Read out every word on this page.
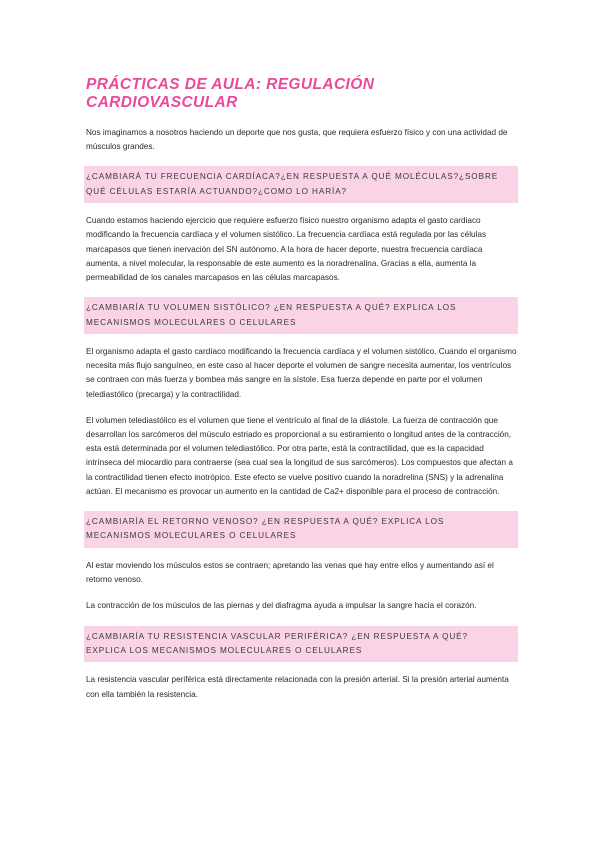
PRÁCTICAS DE AULA: REGULACIÓN CARDIOVASCULAR

Nos imaginamos a nosotros haciendo un deporte que nos gusta, que requiera esfuerzo físico y con una actividad de músculos grandes.

¿CAMBIARÁ TU FRECUENCIA CARDÍACA?¿EN RESPUESTA A QUÉ MOLÉCULAS?¿SOBRE QUÉ CÉLULAS ESTARÍA ACTUANDO?¿COMO LO HARÍA?

Cuando estamos haciendo ejercicio que requiere esfuerzo físico nuestro organismo adapta el gasto cardiaco modificando la frecuencia cardíaca y el volumen sistólico. La frecuencia cardíaca está regulada por las células marcapasos que tienen inervación del SN autónomo. A la hora de hacer deporte, nuestra frecuencia cardíaca aumenta, a nivel molecular, la responsable de este aumento es la noradrenalina. Gracias a ella, aumenta la permeabilidad de los canales marcapasos en las células marcapasos.

¿CAMBIARÍA TU VOLUMEN SISTÓLICO? ¿EN RESPUESTA A QUÉ? EXPLICA LOS MECANISMOS MOLECULARES O CELULARES

El organismo adapta el gasto cardíaco modificando la frecuencia cardíaca y el volumen sistólico. Cuando el organismo necesita más flujo sanguíneo, en este caso al hacer deporte el volumen de sangre necesita aumentar, los ventrículos se contraen con más fuerza y bombea más sangre en la sístole. Esa fuerza depende en parte por el volumen telediastólico (precarga) y la contractilidad.

El volumen telediastólico es el volumen que tiene el ventrículo al final de la diástole. La fuerza de contracción que desarrollan los sarcómeros del músculo estriado es proporcional a su estiramiento o longitud antes de la contracción, esta está determinada por el volumen telediastólico. Por otra parte, está la contractilidad, que es la capacidad intrínseca del miocardio para contraerse (sea cual sea la longitud de sus sarcómeros). Los compuestos que afectan a la contractilidad tienen efecto inotrópico. Este efecto se vuelve positivo cuando la noradrelina (SNS) y la adrenalina actúan. El mecanismo es provocar un aumento en la cantidad de Ca2+ disponible para el proceso de contracción.

¿CAMBIARÍA EL RETORNO VENOSO? ¿EN RESPUESTA A QUÉ? EXPLICA LOS MECANISMOS MOLECULARES O CELULARES

Al estar moviendo los músculos estos se contraen; apretando las venas que hay entre ellos y aumentando así el retorno venoso.

La contracción de los músculos de las piernas y del diafragma ayuda a impulsar la sangre hacia el corazón.

¿CAMBIARÍA TU RESISTENCIA VASCULAR PERIFÉRICA? ¿EN RESPUESTA A QUÉ? EXPLICA LOS MECANISMOS MOLECULARES O CELULARES

La resistencia vascular periférica está directamente relacionada con la presión arterial. Si la presión arterial aumenta con ella también la resistencia.
